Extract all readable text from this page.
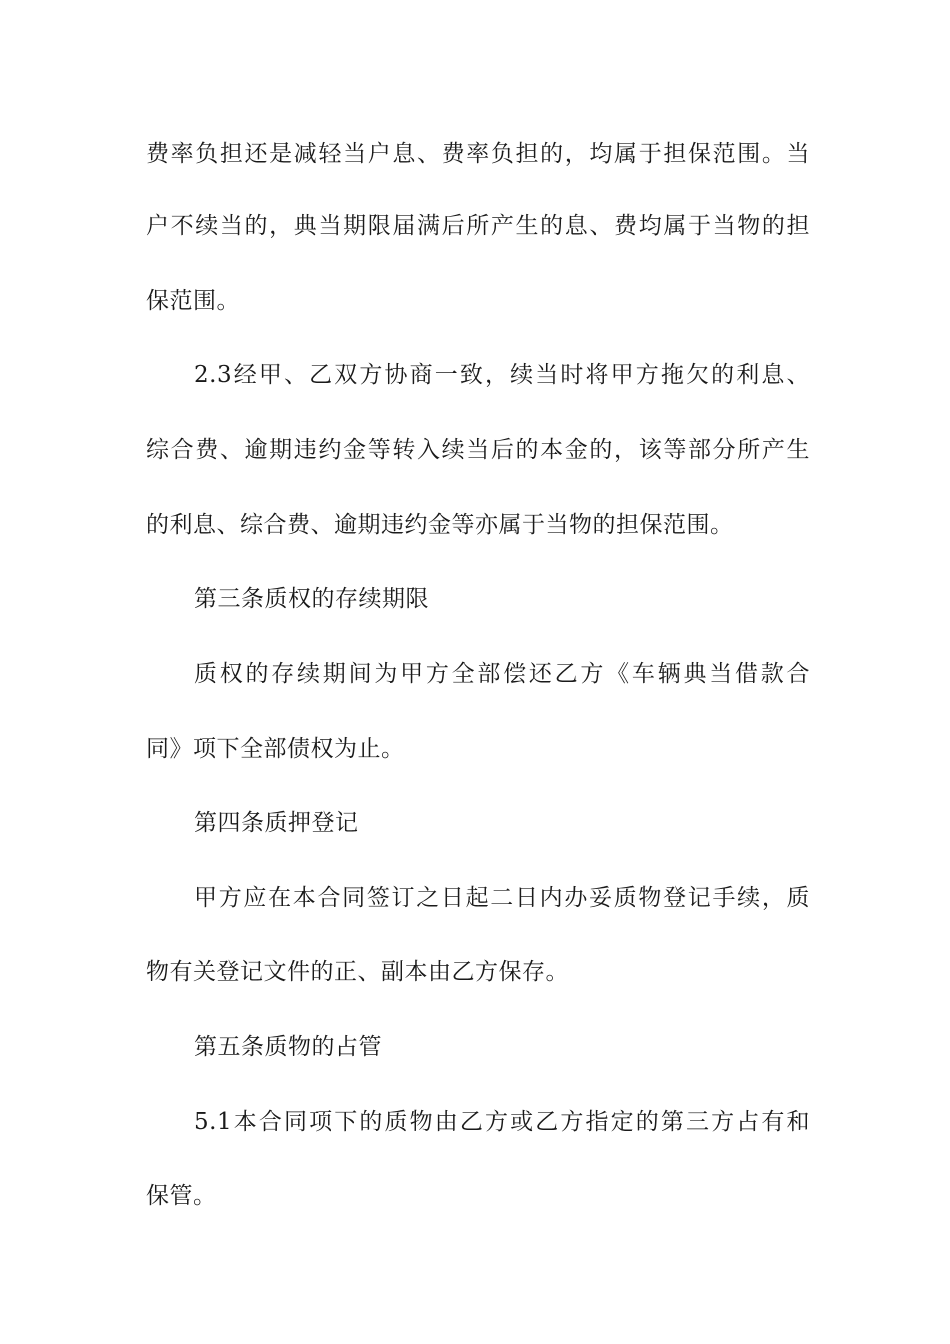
费率负担还是减轻当户息、费率负担的，均属于担保范围。当
户不续当的，典当期限届满后所产生的息、费均属于当物的担
保范围。
2.3经甲、乙双方协商一致，续当时将甲方拖欠的利息、
综合费、逾期违约金等转入续当后的本金的，该等部分所产生
的利息、综合费、逾期违约金等亦属于当物的担保范围。
第三条质权的存续期限
质权的存续期间为甲方全部偿还乙方《车辆典当借款合
同》项下全部债权为止。
第四条质押登记
甲方应在本合同签订之日起二日内办妥质物登记手续，质
物有关登记文件的正、副本由乙方保存。
第五条质物的占管
5.1本合同项下的质物由乙方或乙方指定的第三方占有和
保管。
